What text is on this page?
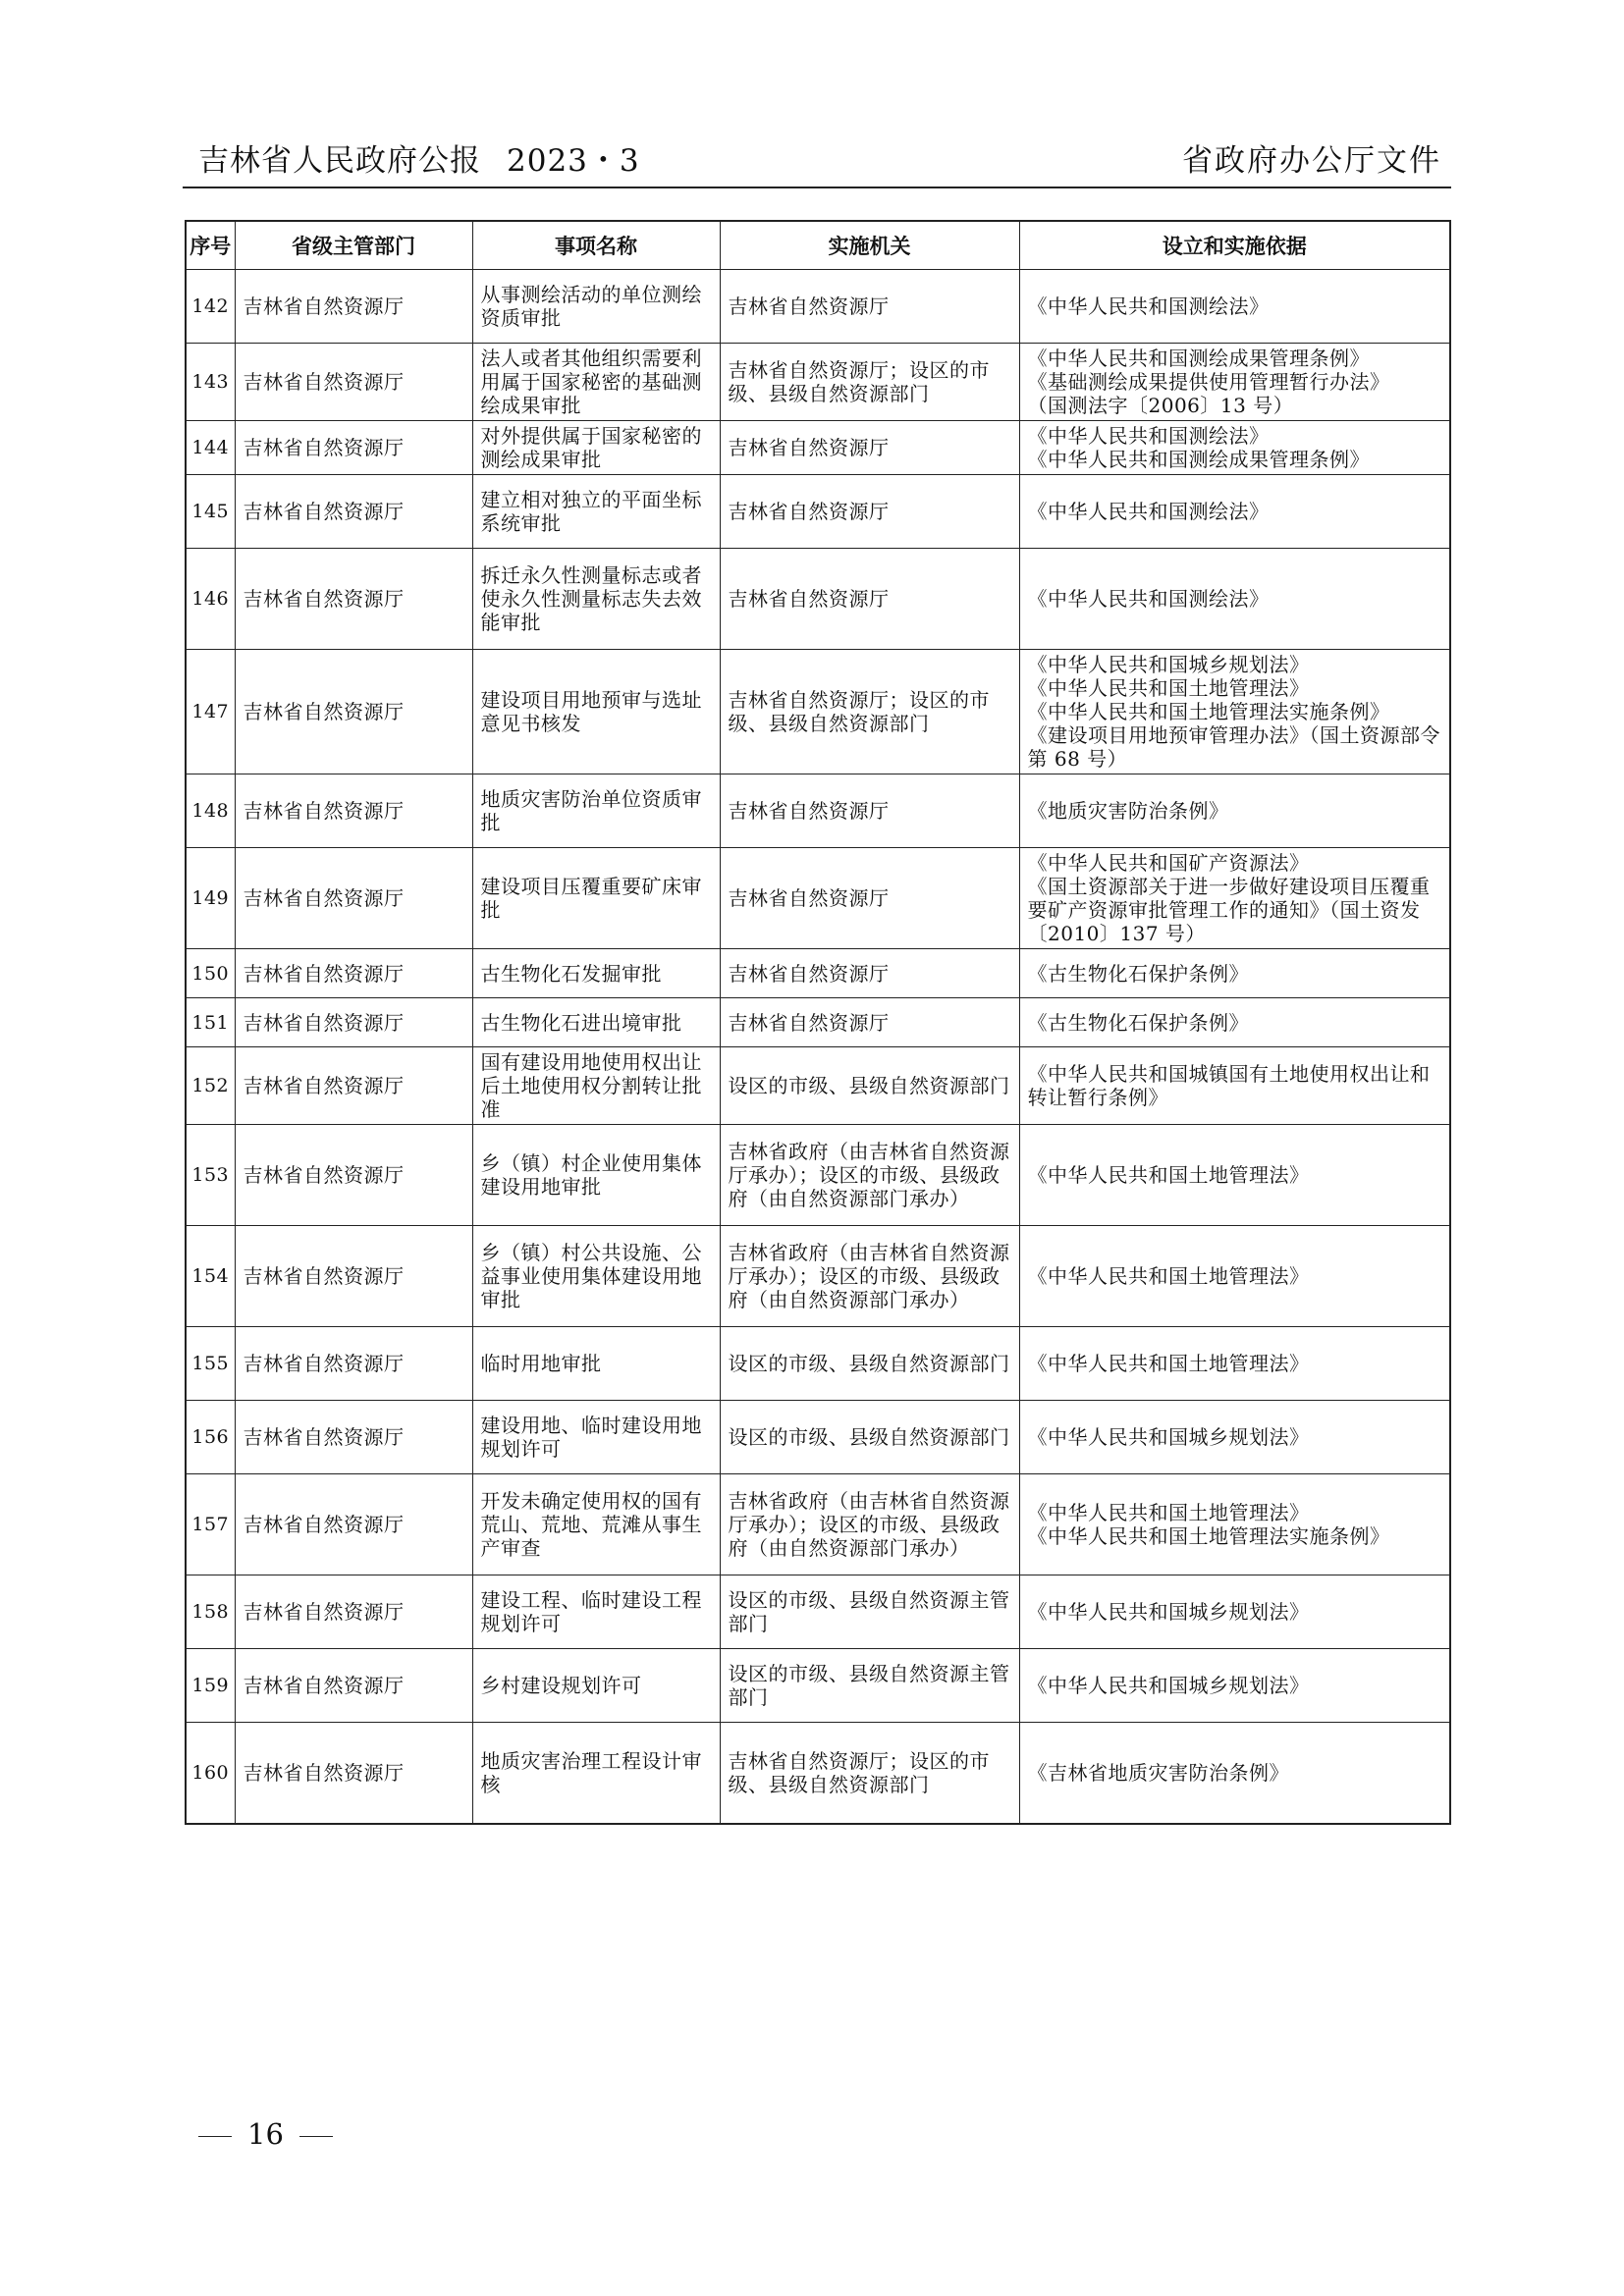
吉林省人民政府公报 2023・3	省政府办公厅文件
序号	省级主管部门	事项名称	实施机关	设立和实施依据
142	吉林省自然资源厅	从事测绘活动的单位测绘资质审批	吉林省自然资源厅	《中华人民共和国测绘法》

143	吉林省自然资源厅	法人或者其他组织需要利用属于国家秘密的基础测绘成果审批	吉林省自然资源厅；设区的市级、县级自然资源部门	《中华人民共和国测绘成果管理条例》
《基础测绘成果提供使用管理暂行办法》
（国测法字〔2006〕13 号）

144	吉林省自然资源厅	对外提供属于国家秘密的测绘成果审批	吉林省自然资源厅	《中华人民共和国测绘法》
《中华人民共和国测绘成果管理条例》

145	吉林省自然资源厅	建立相对独立的平面坐标系统审批	吉林省自然资源厅	《中华人民共和国测绘法》

146	吉林省自然资源厅	拆迁永久性测量标志或者使永久性测量标志失去效能审批	吉林省自然资源厅	《中华人民共和国测绘法》

147	吉林省自然资源厅	建设项目用地预审与选址意见书核发	吉林省自然资源厅；设区的市级、县级自然资源部门	《中华人民共和国城乡规划法》
《中华人民共和国土地管理法》
《中华人民共和国土地管理法实施条例》
《建设项目用地预审管理办法》（国土资源部令第 68 号）

148	吉林省自然资源厅	地质灾害防治单位资质审批	吉林省自然资源厅	《地质灾害防治条例》

149	吉林省自然资源厅	建设项目压覆重要矿床审批	吉林省自然资源厅	《中华人民共和国矿产资源法》
《国土资源部关于进一步做好建设项目压覆重要矿产资源审批管理工作的通知》（国土资发〔2010〕137 号）

150	吉林省自然资源厅	古生物化石发掘审批	吉林省自然资源厅	《古生物化石保护条例》

151	吉林省自然资源厅	古生物化石进出境审批	吉林省自然资源厅	《古生物化石保护条例》

152	吉林省自然资源厅	国有建设用地使用权出让后土地使用权分割转让批准	设区的市级、县级自然资源部门	《中华人民共和国城镇国有土地使用权出让和转让暂行条例》

153	吉林省自然资源厅	乡（镇）村企业使用集体建设用地审批	吉林省政府（由吉林省自然资源厅承办）；设区的市级、县级政府（由自然资源部门承办）	《中华人民共和国土地管理法》

154	吉林省自然资源厅	乡（镇）村公共设施、公益事业使用集体建设用地审批	吉林省政府（由吉林省自然资源厅承办）；设区的市级、县级政府（由自然资源部门承办）	《中华人民共和国土地管理法》

155	吉林省自然资源厅	临时用地审批	设区的市级、县级自然资源部门	《中华人民共和国土地管理法》

156	吉林省自然资源厅	建设用地、临时建设用地规划许可	设区的市级、县级自然资源部门	《中华人民共和国城乡规划法》

157	吉林省自然资源厅	开发未确定使用权的国有荒山、荒地、荒滩从事生产审查	吉林省政府（由吉林省自然资源厅承办）；设区的市级、县级政府（由自然资源部门承办）	《中华人民共和国土地管理法》
《中华人民共和国土地管理法实施条例》

158	吉林省自然资源厅	建设工程、临时建设工程规划许可	设区的市级、县级自然资源主管部门	《中华人民共和国城乡规划法》

159	吉林省自然资源厅	乡村建设规划许可	设区的市级、县级自然资源主管部门	《中华人民共和国城乡规划法》

160	吉林省自然资源厅	地质灾害治理工程设计审核	吉林省自然资源厅；设区的市级、县级自然资源部门	《吉林省地质灾害防治条例》
16
